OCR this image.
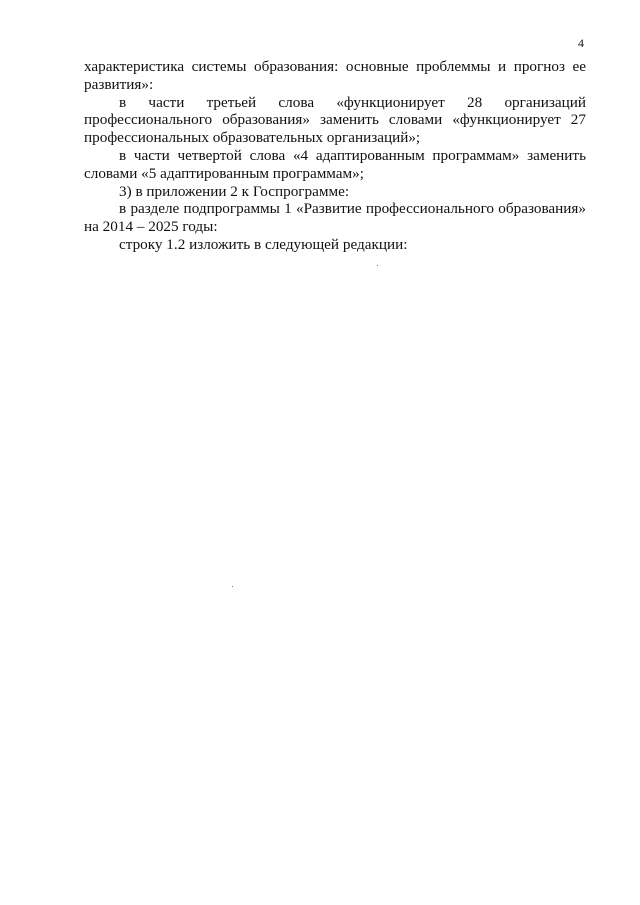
4

характеристика системы образования: основные проблеммы и прогноз ее
развития»:

в части третьей слова «функционирует 28 организаций
профессионального образования» заменить словами «функционирует 27
профессиональных образовательных организаций»;

в части четвертой слова «4 адаптированным программам» заменить
словами «5 адаптированным программам»;

3) в приложении 2 к Госпрограмме:

в разделе подпрограммы 1 «Развитие профессионального образования»
на 2014 – 2025 годы:

строку 1.2 изложить в следующей редакции:
